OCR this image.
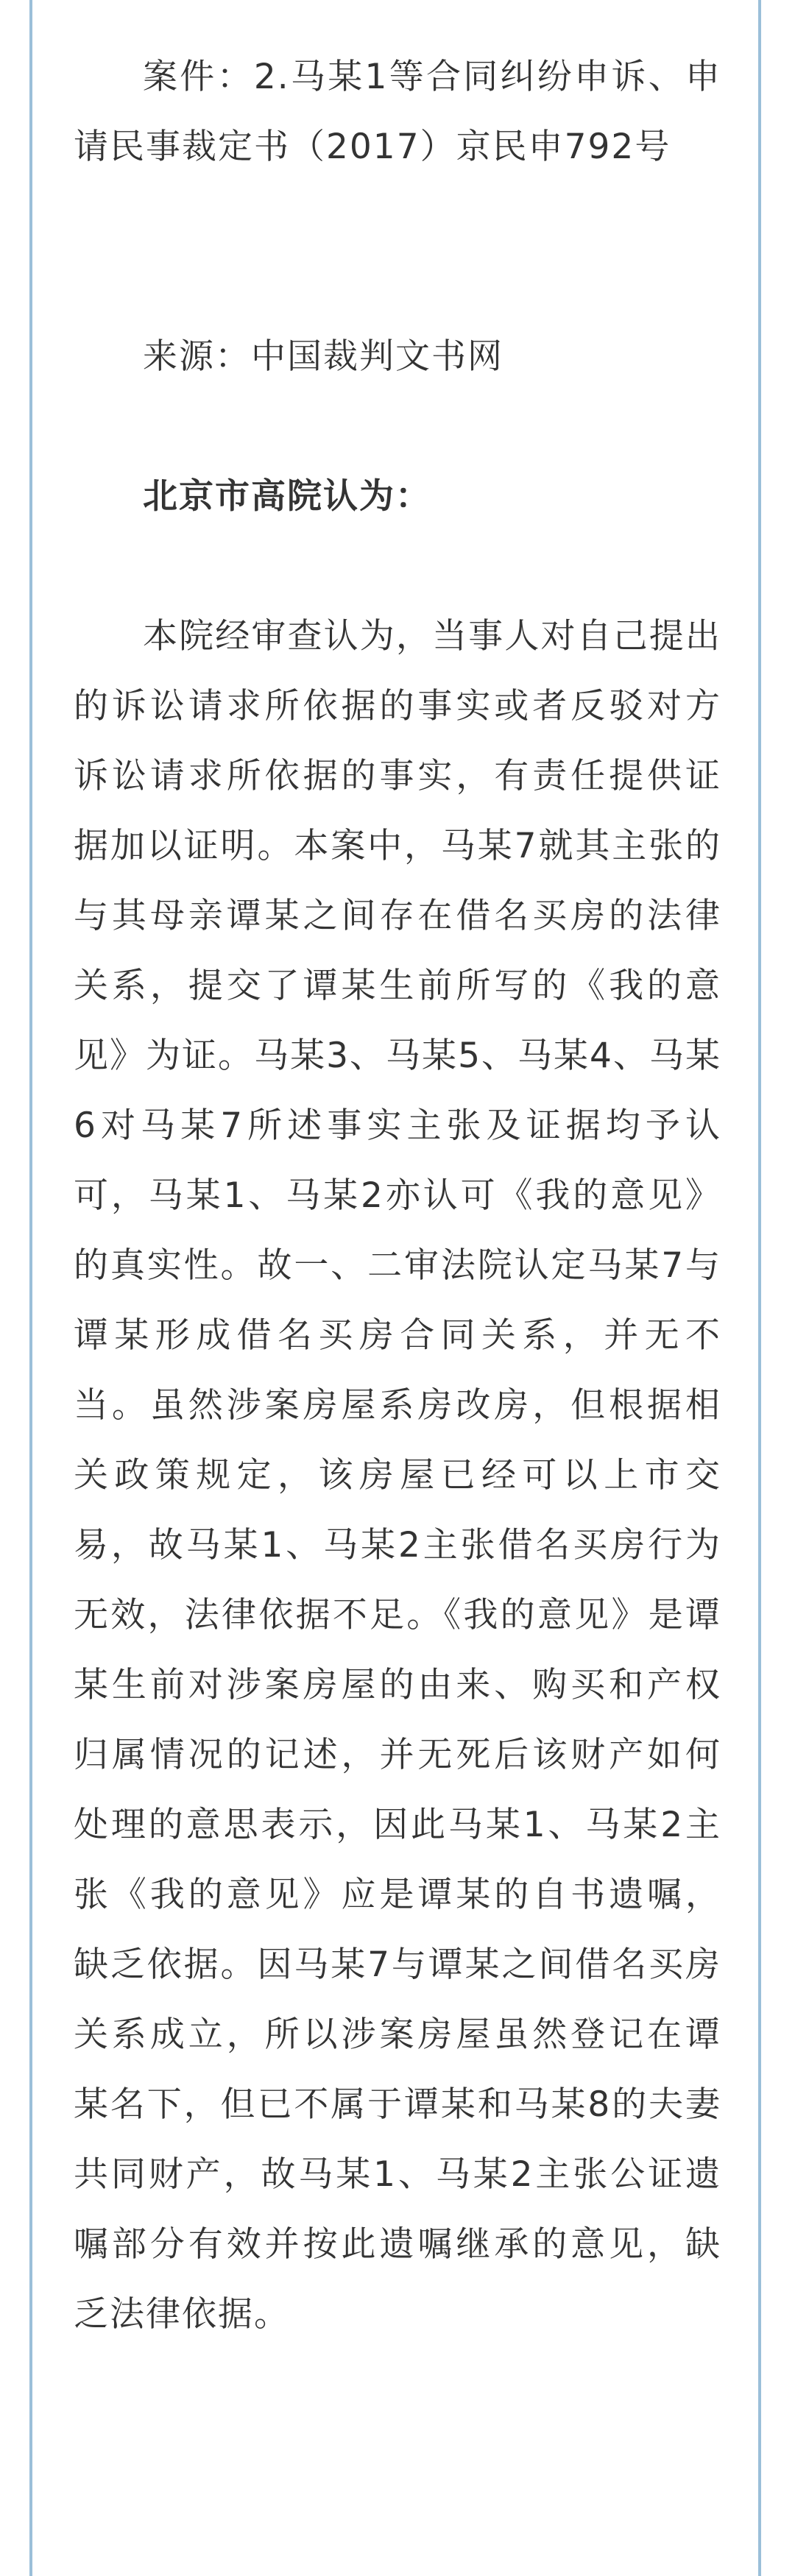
案件：2.马某1等合同纠纷申诉、申请民事裁定书（2017）京民申792号

来源：中国裁判文书网

北京市高院认为：

本院经审查认为，当事人对自己提出的诉讼请求所依据的事实或者反驳对方诉讼请求所依据的事实，有责任提供证据加以证明。本案中，马某7就其主张的与其母亲谭某之间存在借名买房的法律关系，提交了谭某生前所写的《我的意见》为证。马某3、马某5、马某4、马某6对马某7所述事实主张及证据均予认可，马某1、马某2亦认可《我的意见》的真实性。故一、二审法院认定马某7与谭某形成借名买房合同关系，并无不当。虽然涉案房屋系房改房，但根据相关政策规定，该房屋已经可以上市交易，故马某1、马某2主张借名买房行为无效，法律依据不足。《我的意见》是谭某生前对涉案房屋的由来、购买和产权归属情况的记述，并无死后该财产如何处理的意思表示，因此马某1、马某2主张《我的意见》应是谭某的自书遗嘱，缺乏依据。因马某7与谭某之间借名买房关系成立，所以涉案房屋虽然登记在谭某名下，但已不属于谭某和马某8的夫妻共同财产，故马某1、马某2主张公证遗嘱部分有效并按此遗嘱继承的意见，缺乏法律依据。
